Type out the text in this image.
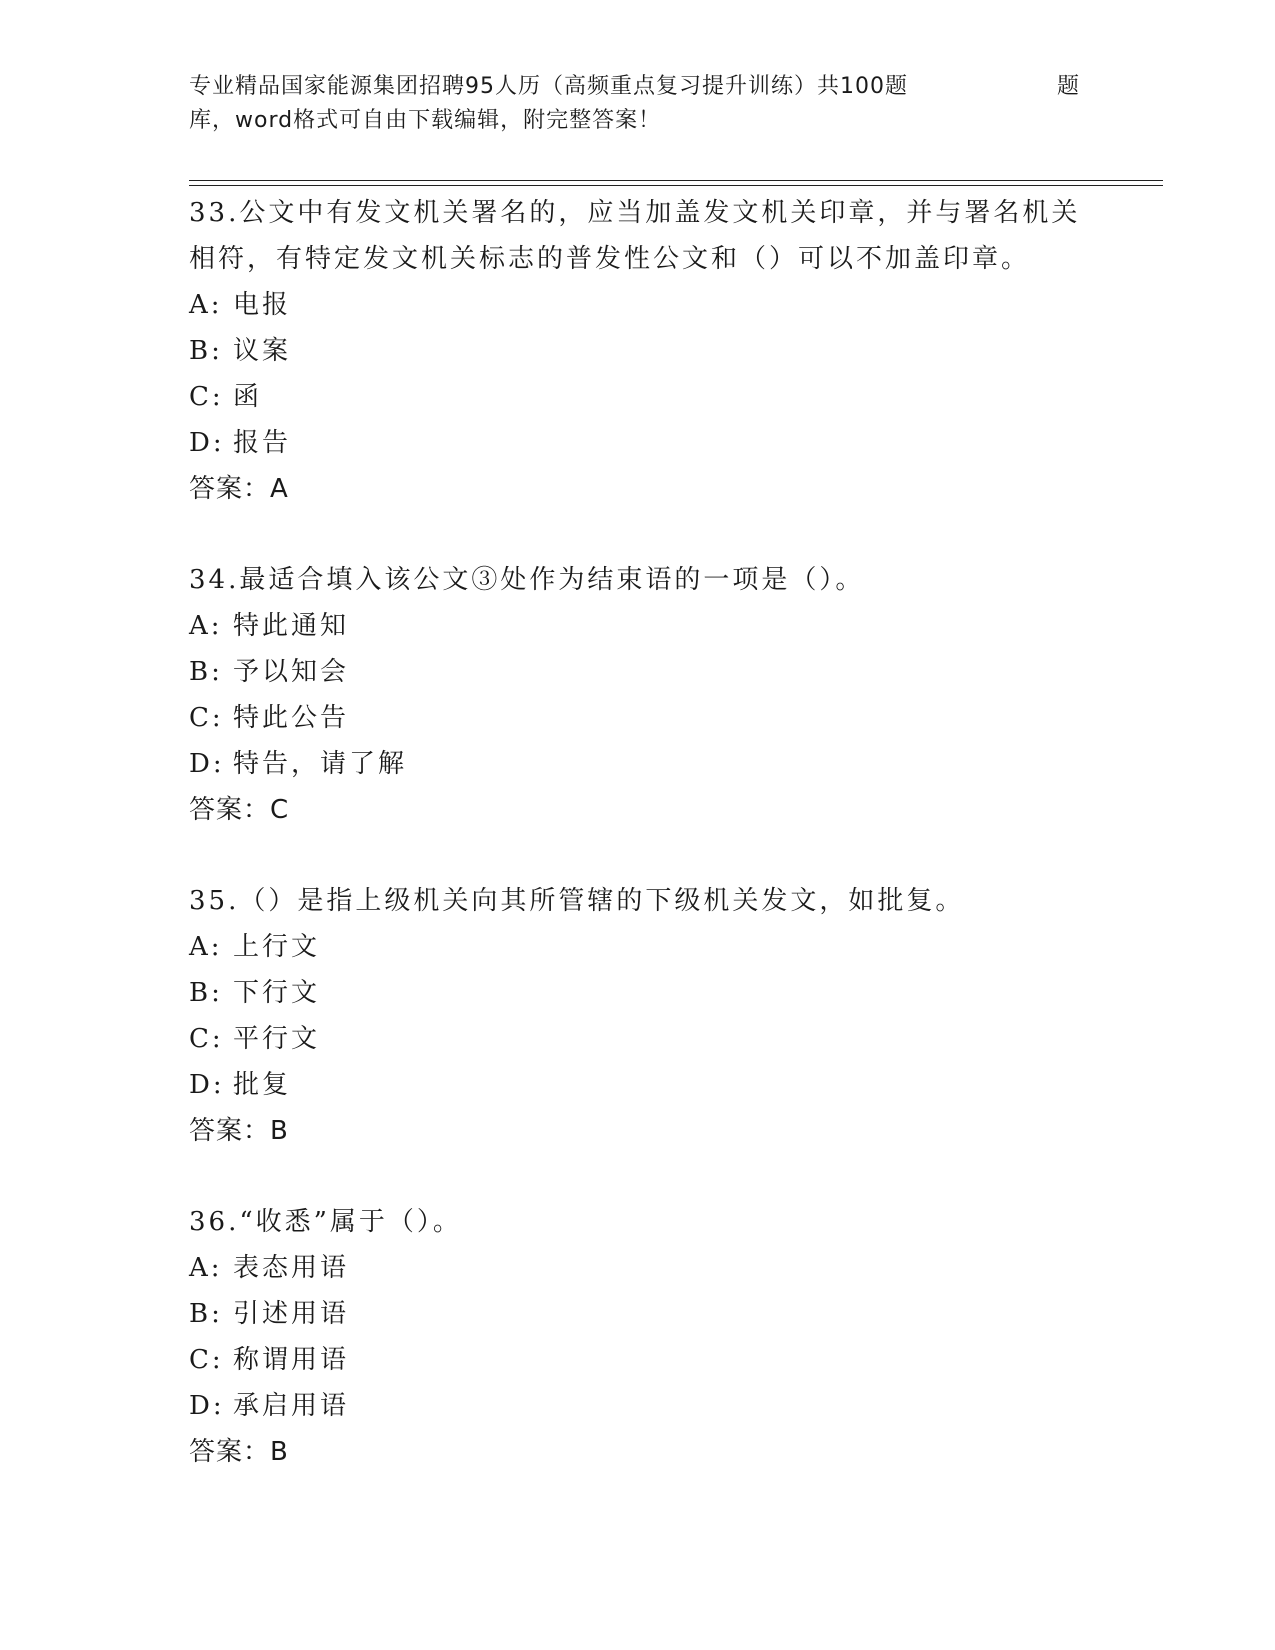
专业精品国家能源集团招聘95人历（高频重点复习提升训练）共100题	题
库，word格式可自由下载编辑，附完整答案！
33.公文中有发文机关署名的，应当加盖发文机关印章，并与署名机关相符，有特定发文机关标志的普发性公文和（）可以不加盖印章。
A: 电报
B: 议案
C: 函
D: 报告
答案：A
34.最适合填入该公文③处作为结束语的一项是（）。
A: 特此通知
B: 予以知会
C: 特此公告
D: 特告，请了解
答案：C
35.（）是指上级机关向其所管辖的下级机关发文，如批复。
A: 上行文
B: 下行文
C: 平行文
D: 批复
答案：B
36.“收悉”属于（）。
A: 表态用语
B: 引述用语
C: 称谓用语
D: 承启用语
答案：B
